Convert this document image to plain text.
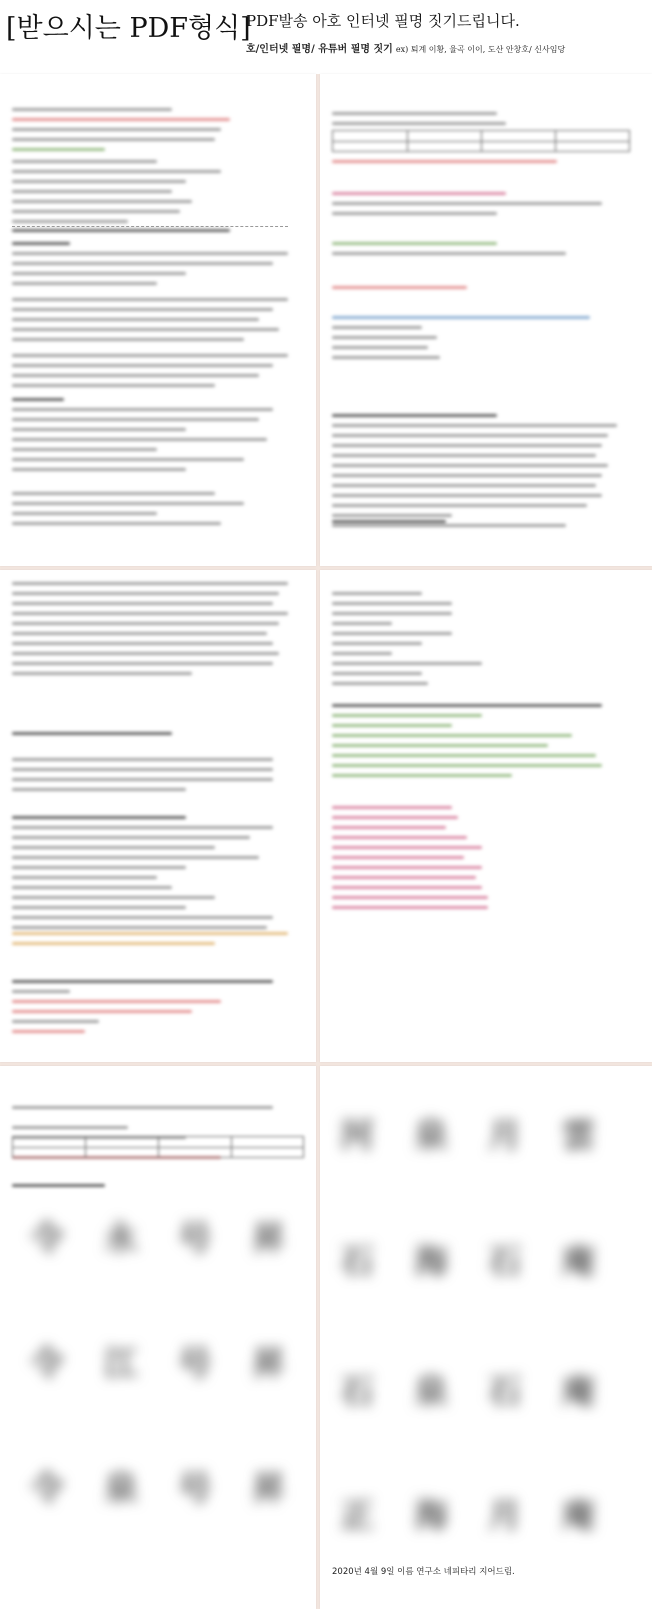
[받으시는 PDF형식]
PDF발송 아호 인터넷 필명 짓기드립니다.
호/인터넷 필명/ 유튜버 필명 짓기 ex) 퇴계 이황, 율곡 이이, 도산 안창호/ 신사임당
令 永 号 昇
令 江 号 昇
令 泉 号 昇
河 泉 月 雲
石 海 石 庵
石 泉 石 庵
正 海 月 庵
2020년 4월 9일 이름 연구소 네피타리 지어드림.
